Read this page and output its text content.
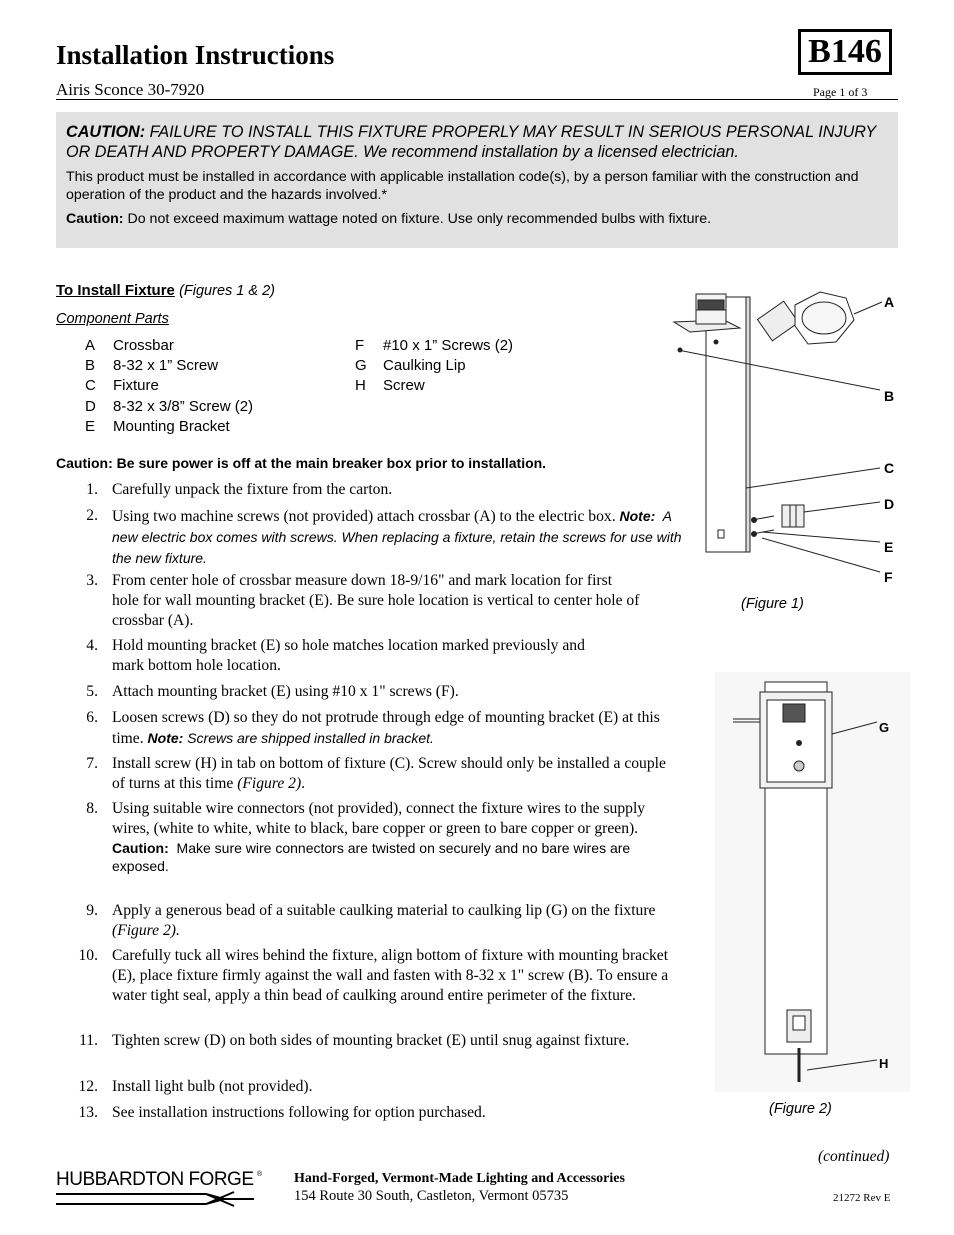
Installation Instructions	B146
Airis Sconce 30-7920	Page 1 of 3

CAUTION: FAILURE TO INSTALL THIS FIXTURE PROPERLY MAY RESULT IN SERIOUS PERSONAL INJURY OR DEATH AND PROPERTY DAMAGE. We recommend installation by a licensed electrician.

This product must be installed in accordance with applicable installation code(s), by a person familiar with the construction and operation of the product and the hazards involved.*

Caution: Do not exceed maximum wattage noted on fixture. Use only recommended bulbs with fixture.

To Install Fixture (Figures 1 & 2)
Component Parts
A Crossbar
B 8-32 x 1” Screw
C Fixture
D 8-32 x 3/8” Screw (2)
E Mounting Bracket
F #10 x 1” Screws (2)
G Caulking Lip
H Screw
Caution: Be sure power is off at the main breaker box prior to installation.
1. Carefully unpack the fixture from the carton.
2. Using two machine screws (not provided) attach crossbar (A) to the electric box. Note: A new electric box comes with screws. When replacing a fixture, retain the screws for use with the new fixture.
3. From center hole of crossbar measure down 18-9/16" and mark location for first hole for wall mounting bracket (E). Be sure hole location is vertical to center hole of crossbar (A).
4. Hold mounting bracket (E) so hole matches location marked previously and mark bottom hole location.
5. Attach mounting bracket (E) using #10 x 1" screws (F).
6. Loosen screws (D) so they do not protrude through edge of mounting bracket (E) at this time. Note: Screws are shipped installed in bracket.
7. Install screw (H) in tab on bottom of fixture (C). Screw should only be installed a couple of turns at this time (Figure 2).
8. Using suitable wire connectors (not provided), connect the fixture wires to the supply wires, (white to white, white to black, bare copper or green to bare copper or green).
Caution: Make sure wire connectors are twisted on securely and no bare wires are exposed.
9. Apply a generous bead of a suitable caulking material to caulking lip (G) on the fixture (Figure 2).
10. Carefully tuck all wires behind the fixture, align bottom of fixture with mounting bracket (E), place fixture firmly against the wall and fasten with 8-32 x 1" screw (B). To ensure a water tight seal, apply a thin bead of caulking around entire perimeter of the fixture.
11. Tighten screw (D) on both sides of mounting bracket (E) until snug against fixture.
12. Install light bulb (not provided).
13. See installation instructions following for option purchased.
A
B
C
D
E
F
(Figure 1)
G
H
(Figure 2)
(continued)
HUBBARDTON FORGE ® Hand-Forged, Vermont-Made Lighting and Accessories
154 Route 30 South, Castleton, Vermont 05735	21272 Rev E
